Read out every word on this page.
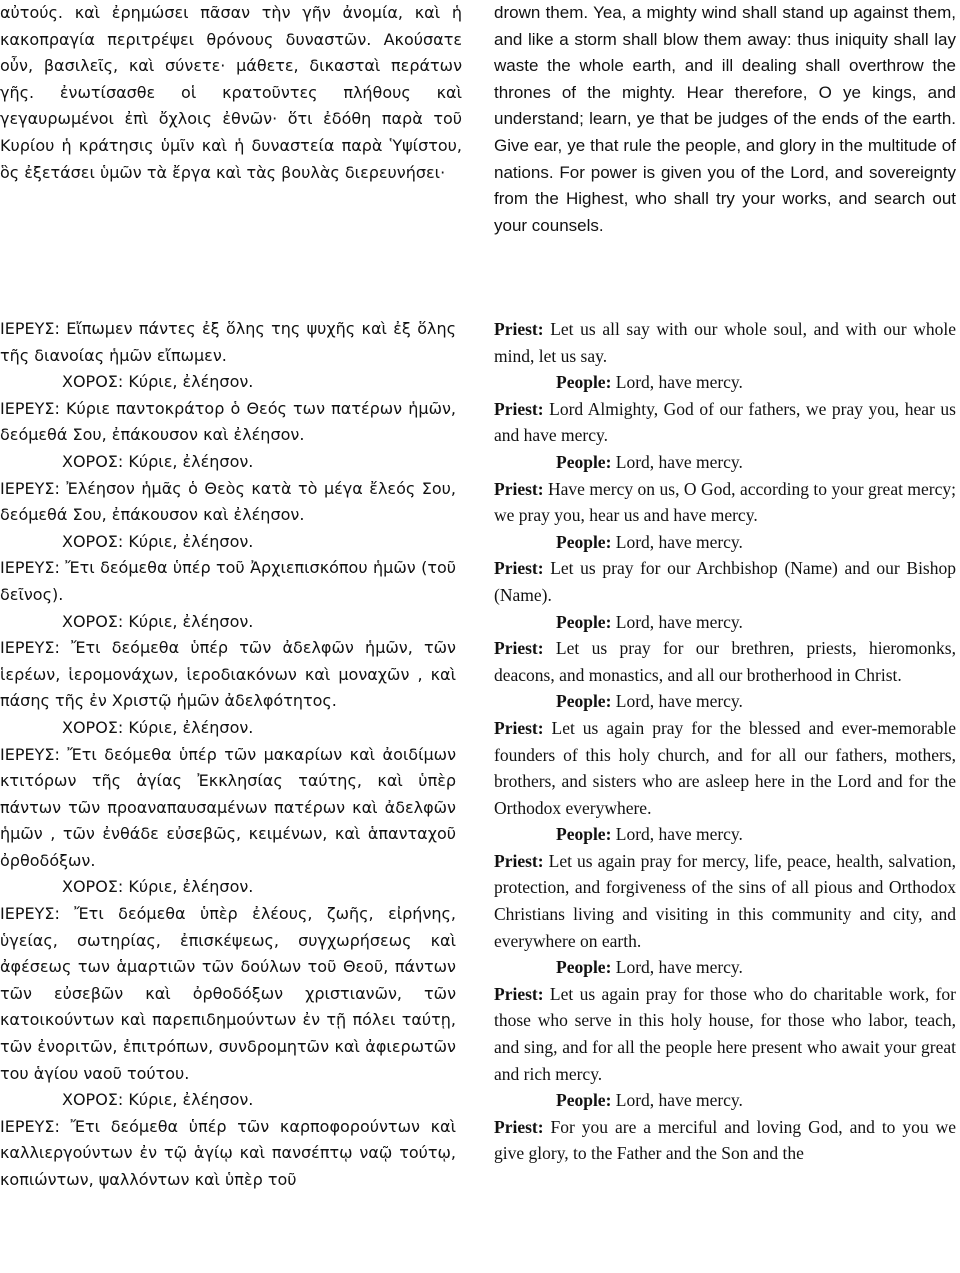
αὐτούς. καὶ ἐρημώσει πᾶσαν τὴν γῆν ἀνομία, καὶ ἡ κακοπραγία περιτρέψει θρόνους δυναστῶν. Ακούσατε οὖν, βασιλεῖς, καὶ σύνετε· μάθετε, δικασταὶ περάτων γῆς. ἐνωτίσασθε οἱ κρατοῦντες πλήθους καὶ γεγαυρωμένοι ἐπὶ ὄχλοις ἐθνῶν· ὅτι ἐδόθη παρὰ τοῦ Κυρίου ἡ κράτησις ὑμῖν καὶ ἡ δυναστεία παρὰ Ὑψίστου, ὃς ἐξετάσει ὑμῶν τὰ ἔργα καὶ τὰς βουλὰς διερευνήσει·

drown them. Yea, a mighty wind shall stand up against them, and like a storm shall blow them away: thus iniquity shall lay waste the whole earth, and ill dealing shall overthrow the thrones of the mighty. Hear therefore, O ye kings, and understand; learn, ye that be judges of the ends of the earth. Give ear, ye that rule the people, and glory in the multitude of nations. For power is given you of the Lord, and sovereignty from the Highest, who shall try your works, and search out your counsels.

ΙΕΡΕΥΣ: Εἴπωμεν πάντες ἐξ ὅλης της ψυχῆς καὶ ἐξ ὅλης τῆς διανοίας ἡμῶν εἴπωμεν.

ΧΟΡΟΣ: Κύριε, ἐλέησον.

ΙΕΡΕΥΣ: Κύριε παντοκράτορ ὁ Θεός των πατέρων ἡμῶν, δεόμεθά Σου, ἐπάκουσον καὶ ἐλέησον.

ΧΟΡΟΣ: Κύριε, ἐλέησον.

ΙΕΡΕΥΣ: Ἐλέησον ἡμᾶς ὁ Θεὸς κατὰ τὸ μέγα ἔλεός Σου, δεόμεθά Σου, ἐπάκουσον καὶ ἐλέησον.

ΧΟΡΟΣ: Κύριε, ἐλέησον.

ΙΕΡΕΥΣ: Ἔτι δεόμεθα ὑπέρ τοῦ Ἀρχιεπισκόπου ἡμῶν (τοῦ δεῖνος).

ΧΟΡΟΣ: Κύριε, ἐλέησον.

ΙΕΡΕΥΣ: Ἔτι δεόμεθα ὑπέρ τῶν ἀδελφῶν ἡμῶν, τῶν ἱερέων, ἱερομονάχων, ἱεροδιακόνων καὶ μοναχῶν , καὶ πάσης τῆς ἐν Χριστῷ ἡμῶν ἀδελφότητος.

ΧΟΡΟΣ: Κύριε, ἐλέησον.

ΙΕΡΕΥΣ: Ἔτι δεόμεθα ὑπέρ τῶν μακαρίων καὶ ἀοιδίμων κτιτόρων τῆς ἁγίας Ἐκκλησίας ταύτης, καὶ ὑπὲρ πάντων τῶν προαναπαυσαμένων πατέρων καὶ ἀδελφῶν ἡμῶν , τῶν ἐνθάδε εὐσεβῶς, κειμένων, καὶ ἁπανταχοῦ ὀρθοδόξων.

ΧΟΡΟΣ: Κύριε, ἐλέησον.

ΙΕΡΕΥΣ: Ἔτι δεόμεθα ὑπὲρ ἐλέους, ζωῆς, εἰρήνης, ὑγείας, σωτηρίας, ἐπισκέψεως, συγχωρήσεως καὶ ἀφέσεως των ἁμαρτιῶν τῶν δούλων τοῦ Θεοῦ, πάντων τῶν εὐσεβῶν καὶ ὀρθοδόξων χριστιανῶν, τῶν κατοικούντων καὶ παρεπιδημούντων ἐν τῇ πόλει ταύτῃ, τῶν ἐνοριτῶν, ἐπιτρόπων, συνδρομητῶν καὶ ἀφιερωτῶν του ἁγίου ναοῦ τούτου.

ΧΟΡΟΣ: Κύριε, ἐλέησον.

ΙΕΡΕΥΣ: Ἔτι δεόμεθα ὑπέρ τῶν καρποφορούντων καὶ καλλιεργούντων ἐν τῷ ἁγίῳ καὶ πανσέπτῳ ναῷ τούτῳ, κοπιώντων, ψαλλόντων καὶ ὑπὲρ τοῦ

Priest: Let us all say with our whole soul, and with our whole mind, let us say.

People: Lord, have mercy.

Priest: Lord Almighty, God of our fathers, we pray you, hear us and have mercy.

People: Lord, have mercy.

Priest: Have mercy on us, O God, according to your great mercy; we pray you, hear us and have mercy.

People: Lord, have mercy.

Priest: Let us pray for our Archbishop (Name) and our Bishop (Name).

People: Lord, have mercy.

Priest: Let us pray for our brethren, priests, hieromonks, deacons, and monastics, and all our brotherhood in Christ.

People: Lord, have mercy.

Priest: Let us again pray for the blessed and ever-memorable founders of this holy church, and for all our fathers, mothers, brothers, and sisters who are asleep here in the Lord and for the Orthodox everywhere.

People: Lord, have mercy.

Priest: Let us again pray for mercy, life, peace, health, salvation, protection, and forgiveness of the sins of all pious and Orthodox Christians living and visiting in this community and city, and everywhere on earth.

People: Lord, have mercy.

Priest: Let us again pray for those who do charitable work, for those who serve in this holy house, for those who labor, teach, and sing, and for all the people here present who await your great and rich mercy.

People: Lord, have mercy.

Priest: For you are a merciful and loving God, and to you we give glory, to the Father and the Son and the
